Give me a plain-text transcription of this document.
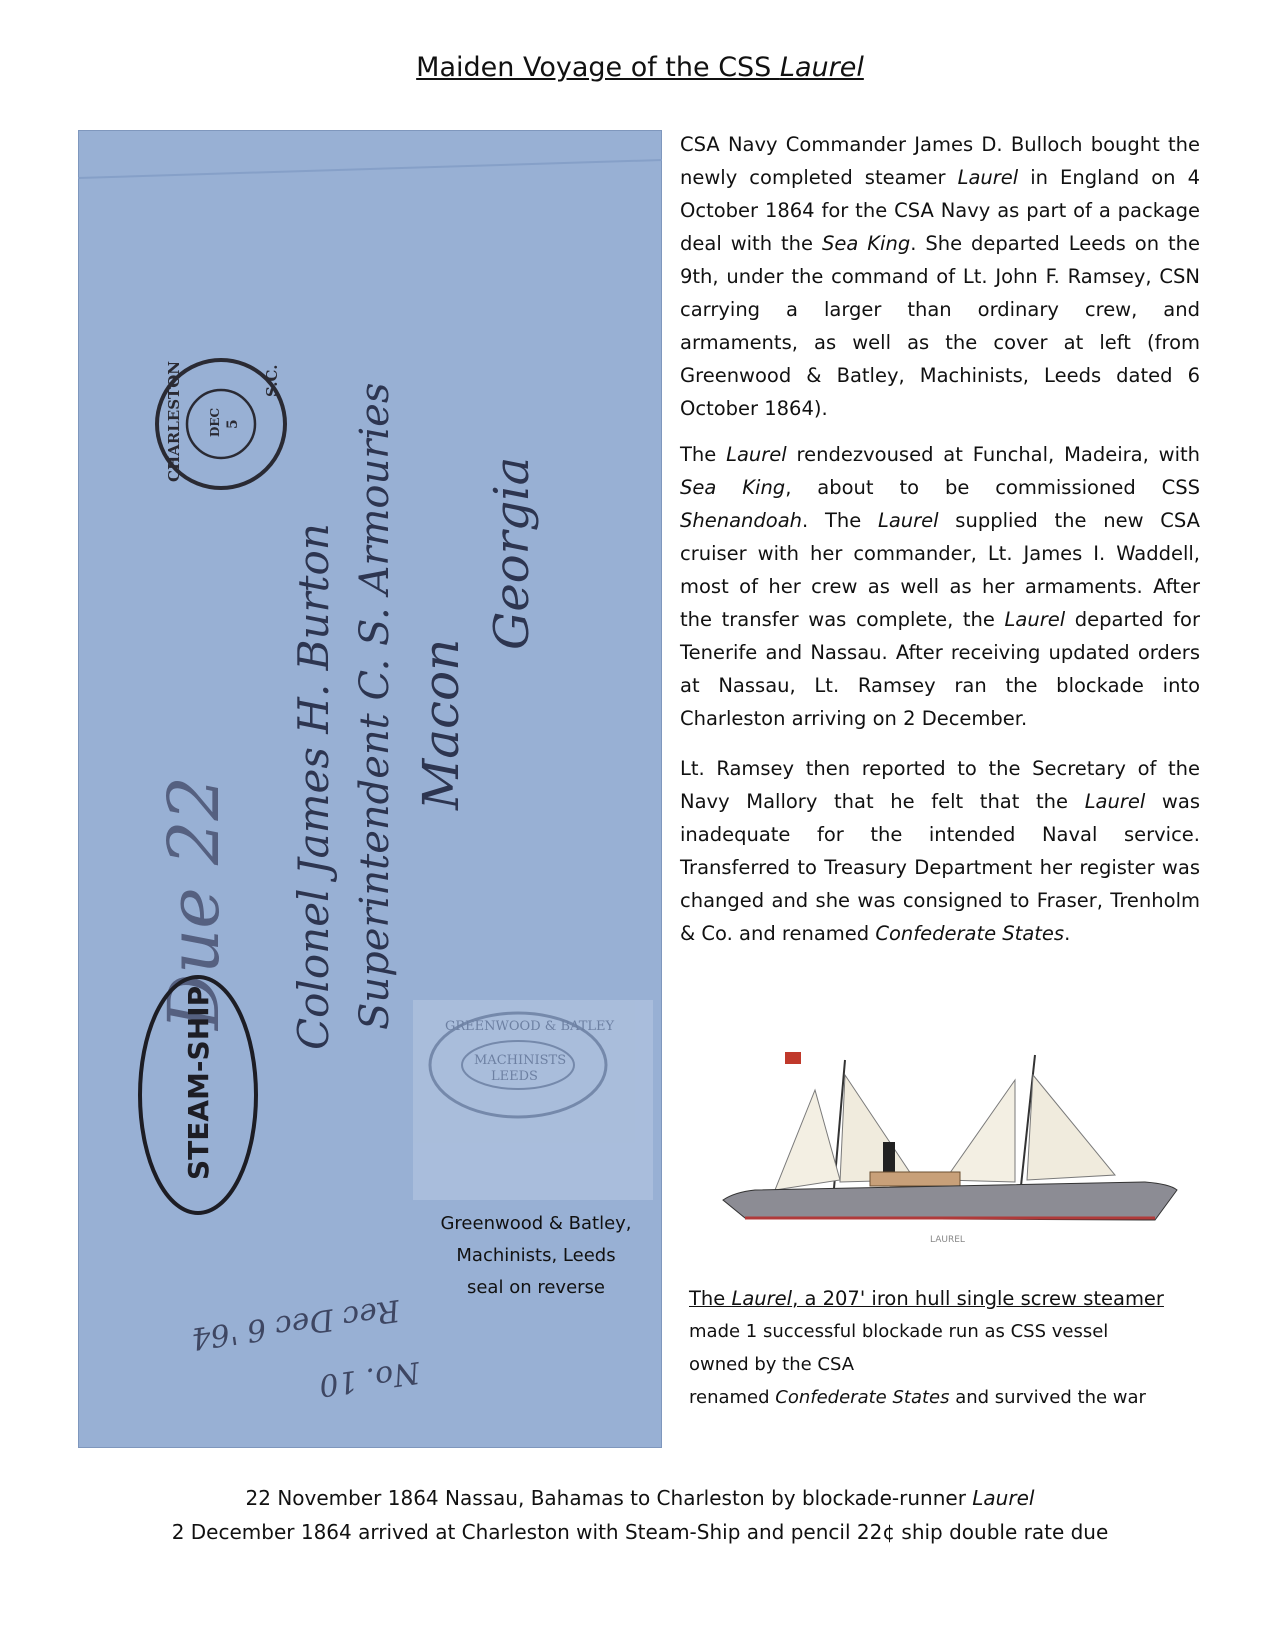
Maiden Voyage of the CSS Laurel
CHARLESTON DEC 5
S.C.
Colonel James H. Burton Superintendent C. S. Armouries Macon
Georgia
Due 22
STEAM-SHIP	GREENWOOD & BATLEY
MACHINISTS
LEEDS
Rec Dec 6 '64
No. 10
Greenwood & Batley,
Machinists, Leeds
seal on reverse

CSA Navy Commander James D. Bulloch bought the newly completed steamer Laurel in England on 4 October 1864 for the CSA Navy as part of a package deal with the Sea King. She departed Leeds on the 9th, under the command of Lt. John F. Ramsey, CSN carrying a larger than ordinary crew, and armaments, as well as the cover at left (from Greenwood & Batley, Machinists, Leeds dated 6 October 1864).

The Laurel rendezvoused at Funchal, Madeira, with Sea King, about to be commissioned CSS Shenandoah. The Laurel supplied the new CSA cruiser with her commander, Lt. James I. Waddell, most of her crew as well as her armaments. After the transfer was complete, the Laurel departed for Tenerife and Nassau. After receiving updated orders at Nassau, Lt. Ramsey ran the blockade into Charleston arriving on 2 December.

Lt. Ramsey then reported to the Secretary of the Navy Mallory that he felt that the Laurel was inadequate for the intended Naval service. Transferred to Treasury Department her register was changed and she was consigned to Fraser, Trenholm & Co. and renamed Confederate States.

LAUREL
The Laurel, a 207' iron hull single screw steamer
made 1 successful blockade run as CSS vessel
owned by the CSA
renamed Confederate States and survived the war
22 November 1864 Nassau, Bahamas to Charleston by blockade-runner Laurel
2 December 1864 arrived at Charleston with Steam-Ship and pencil 22¢ ship double rate due
